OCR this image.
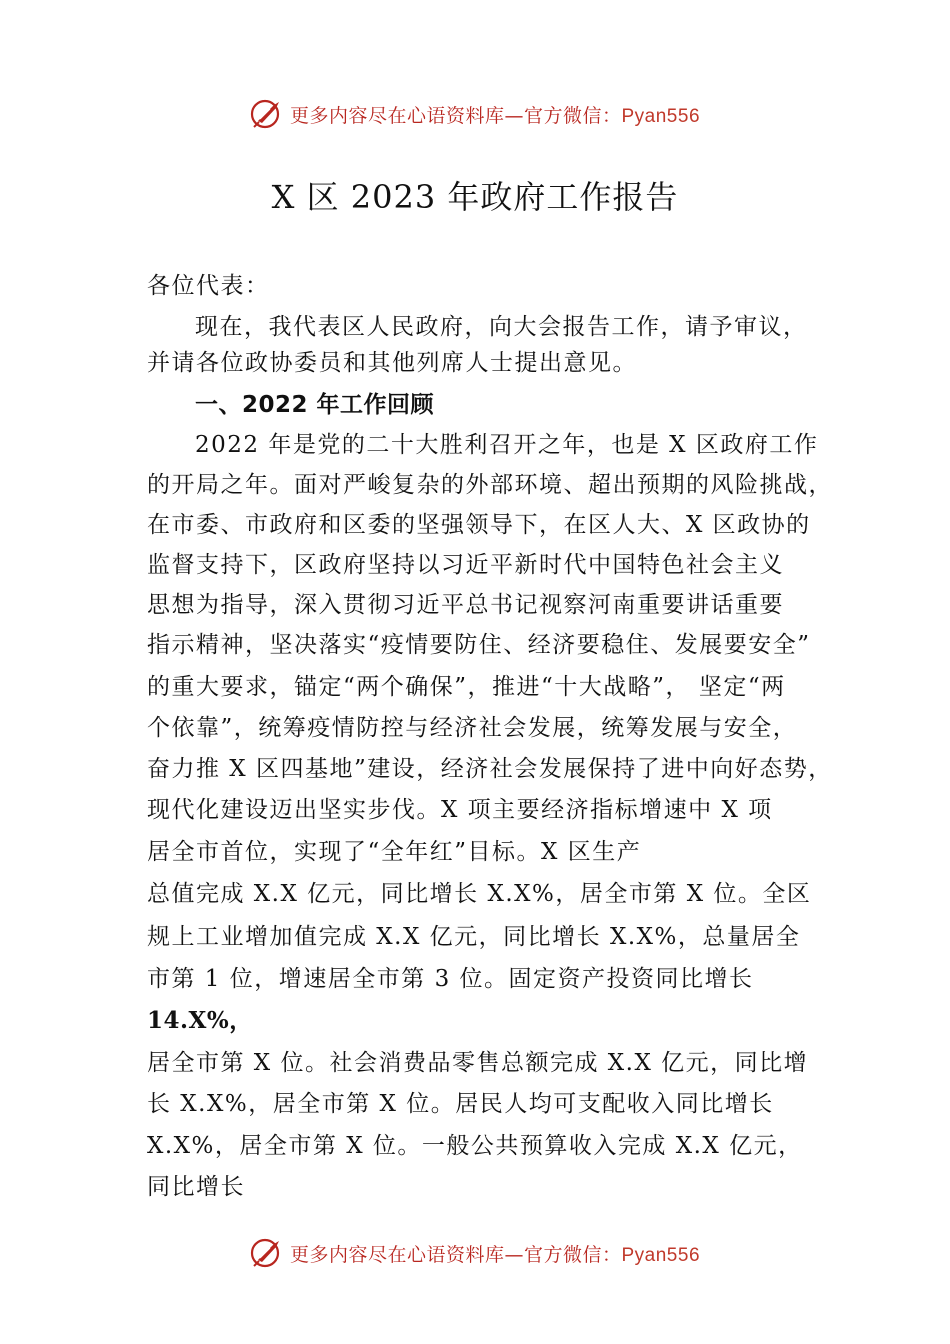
更多内容尽在心语资料库—官方微信：Pyan556
X 区 2023 年政府工作报告
各位代表：
现在，我代表区人民政府，向大会报告工作，请予审议，
并请各位政协委员和其他列席人士提出意见。
一、2022 年工作回顾
2022 年是党的二十大胜利召开之年，也是 X 区政府工作
的开局之年。面对严峻复杂的外部环境、超出预期的风险挑战，
在市委、市政府和区委的坚强领导下，在区人大、X 区政协的
监督支持下，区政府坚持以习近平新时代中国特色社会主义
思想为指导，深入贯彻习近平总书记视察河南重要讲话重要
指示精神，坚决落实“疫情要防住、经济要稳住、发展要安全”
的重大要求，锚定“两个确保”，推进“十大战略”， 坚定“两
个依靠”，统筹疫情防控与经济社会发展，统筹发展与安全，
奋力推 X 区四基地”建设，经济社会发展保持了进中向好态势，
现代化建设迈出坚实步伐。X 项主要经济指标增速中 X 项
居全市首位，实现了“全年红”目标。X 区生产
总值完成 X.X 亿元，同比增长 X.X%，居全市第 X 位。全区
规上工业增加值完成 X.X 亿元，同比增长 X.X%，总量居全
市第 1 位，增速居全市第 3 位。固定资产投资同比增长
14.X%，
居全市第 X 位。社会消费品零售总额完成 X.X 亿元，同比增
长 X.X%，居全市第 X 位。居民人均可支配收入同比增长
X.X%，居全市第 X 位。一般公共预算收入完成 X.X 亿元，
同比增长
更多内容尽在心语资料库—官方微信：Pyan556
